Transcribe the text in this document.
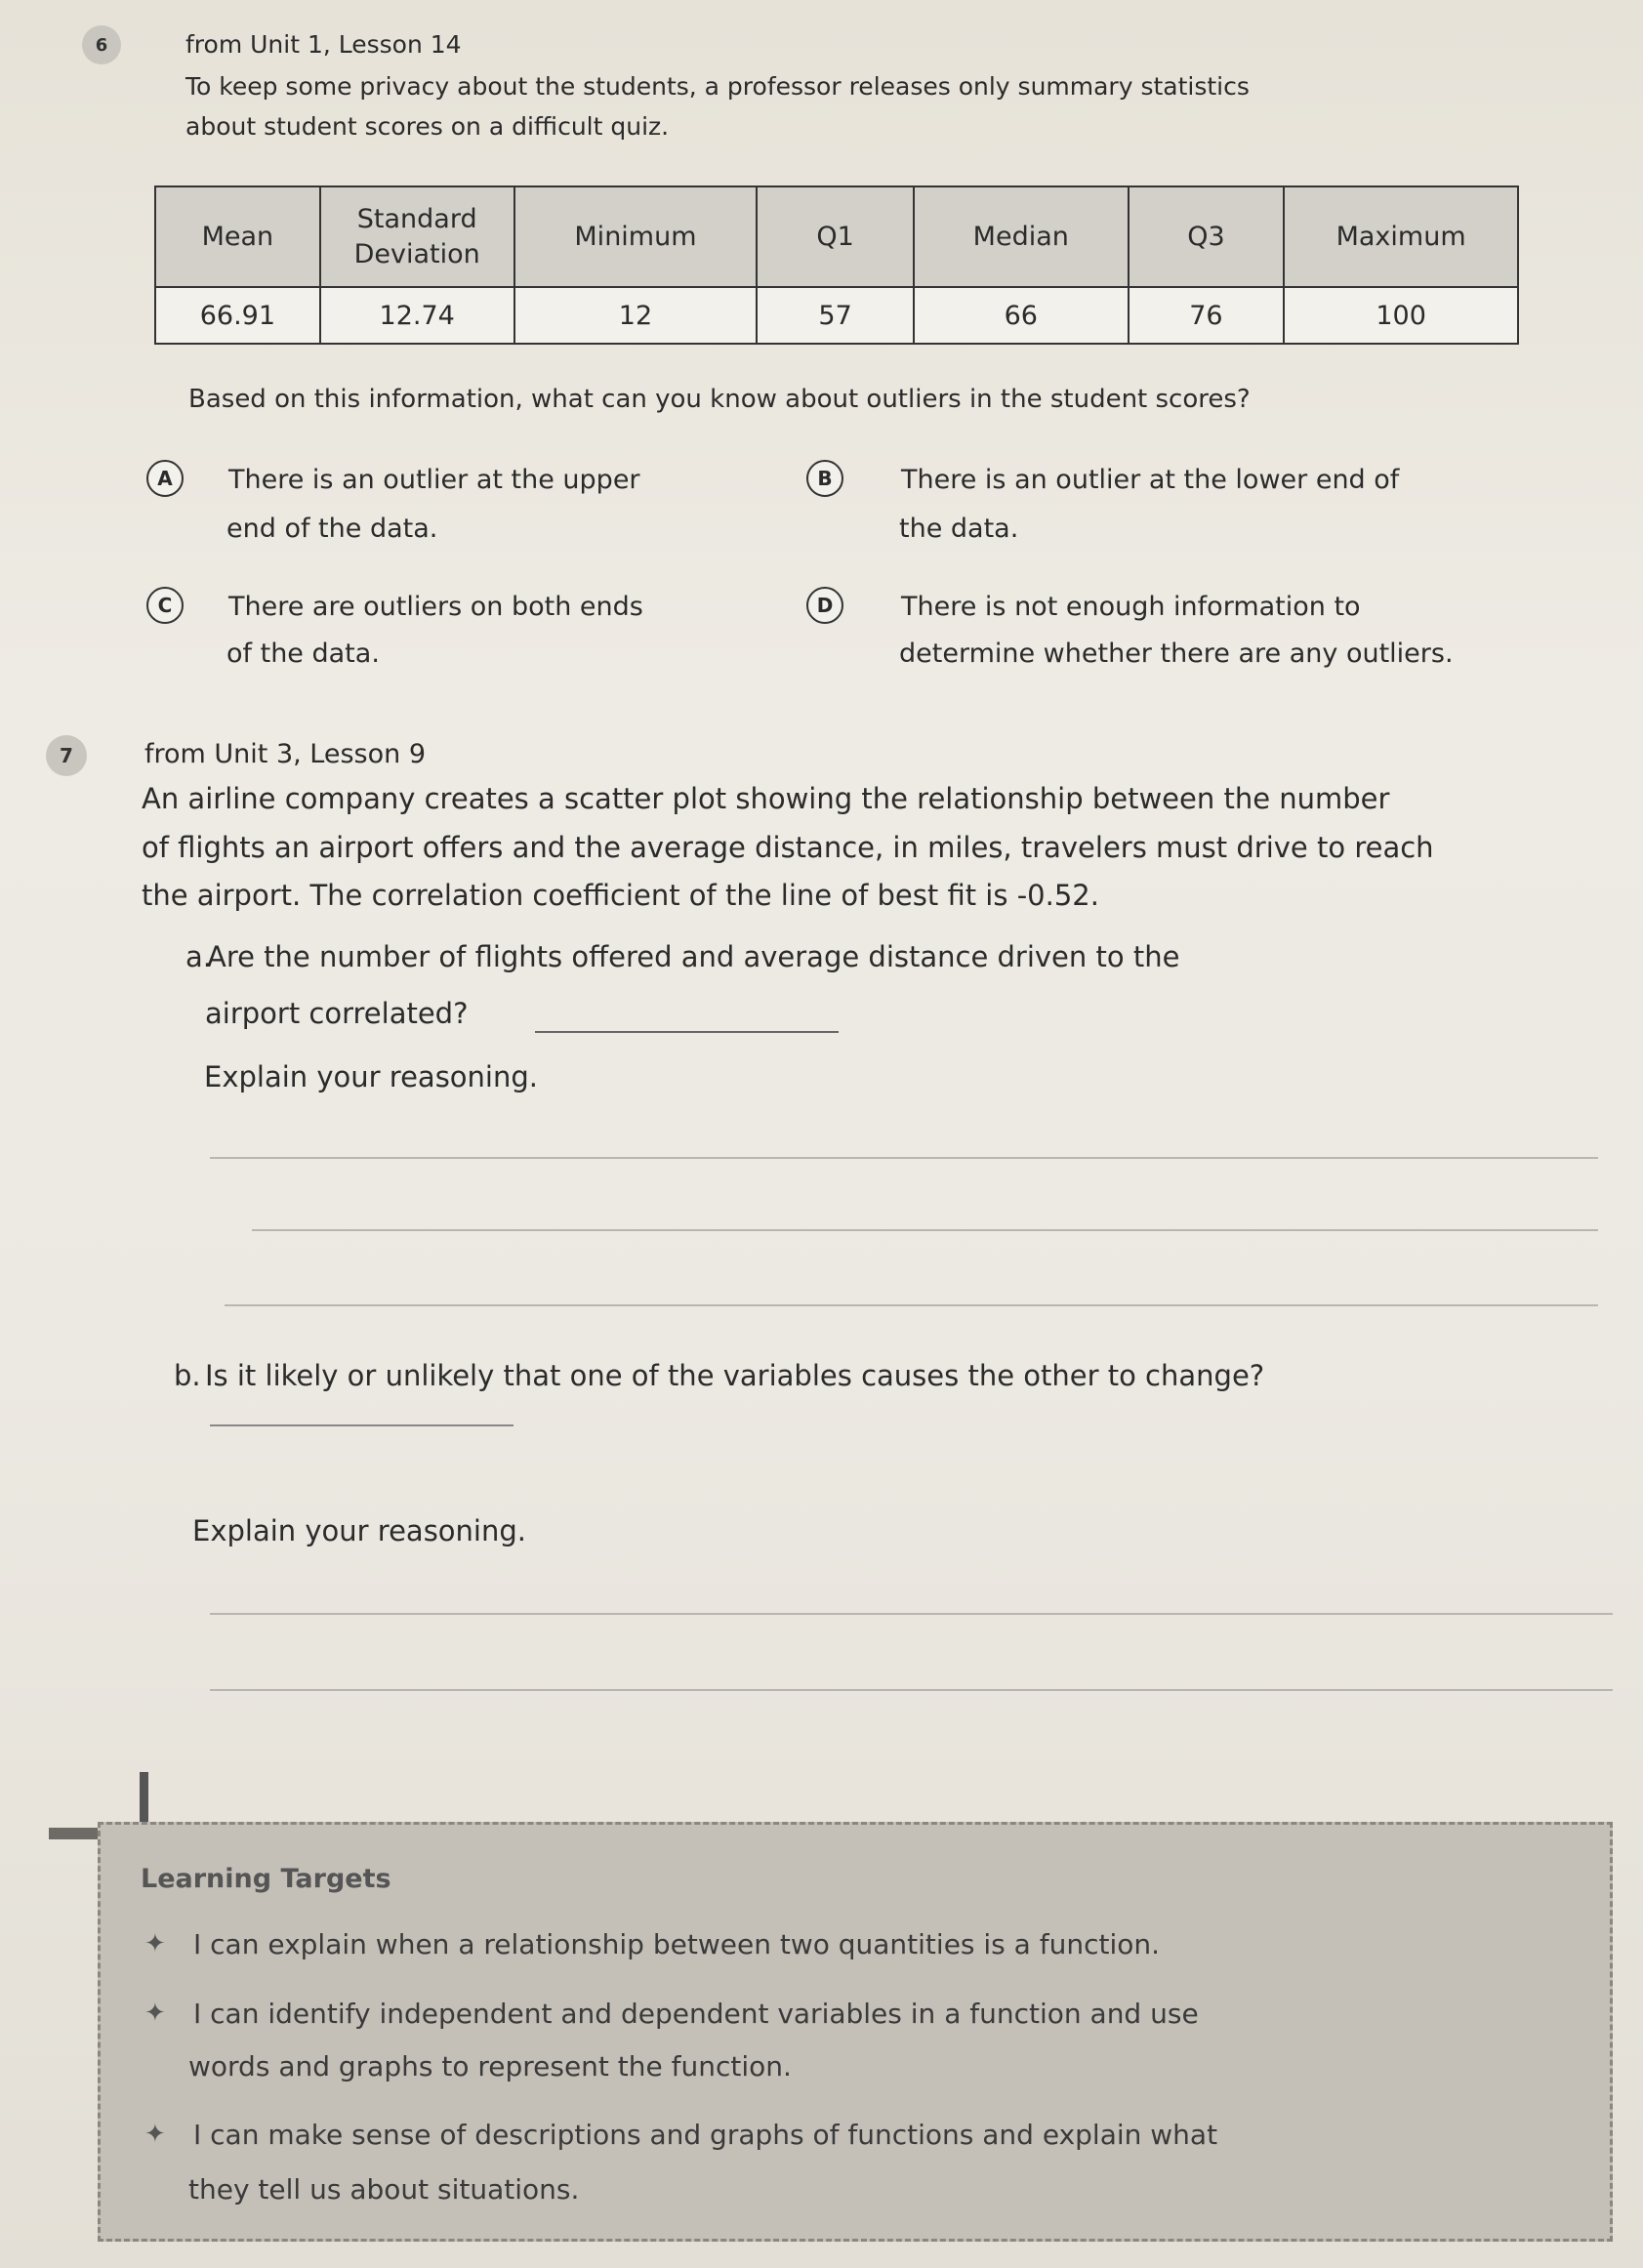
6	from Unit 1, Lesson 14
To keep some privacy about the students, a professor releases only summary statistics
about student scores on a difficult quiz.
Mean	Standard Deviation	Minimum	Q1	Median	Q3	Maximum
66.91	12.74	12	57	66	76	100
Based on this information, what can you know about outliers in the student scores?
A	There is an outlier at the upper
end of the data.
B	There is an outlier at the lower end of
the data.
C	There are outliers on both ends
of the data.
D	There is not enough information to
determine whether there are any outliers.
7	from Unit 3, Lesson 9
An airline company creates a scatter plot showing the relationship between the number
of flights an airport offers and the average distance, in miles, travelers must drive to reach
the airport. The correlation coefficient of the line of best fit is -0.52.
a.
Are the number of flights offered and average distance driven to the
airport correlated?
Explain your reasoning.
b. Is it likely or unlikely that one of the variables causes the other to change?
Explain your reasoning.
Learning Targets
✦ I can explain when a relationship between two quantities is a function.
✦ I can identify independent and dependent variables in a function and use
words and graphs to represent the function.
✦ I can make sense of descriptions and graphs of functions and explain what
they tell us about situations.
